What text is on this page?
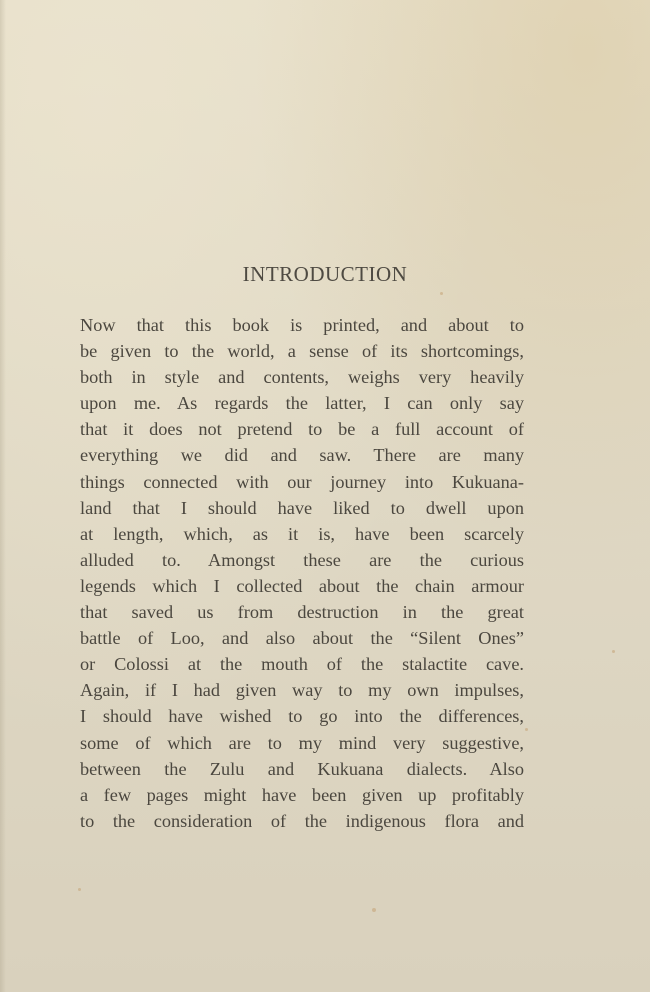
INTRODUCTION
Now that this book is printed, and about to
be given to the world, a sense of its shortcomings,
both in style and contents, weighs very heavily
upon me. As regards the latter, I can only say
that it does not pretend to be a full account of
everything we did and saw. There are many
things connected with our journey into Kukuana-
land that I should have liked to dwell upon
at length, which, as it is, have been scarcely
alluded to. Amongst these are the curious
legends which I collected about the chain armour
that saved us from destruction in the great
battle of Loo, and also about the “Silent Ones”
or Colossi at the mouth of the stalactite cave.
Again, if I had given way to my own impulses,
I should have wished to go into the differences,
some of which are to my mind very suggestive,
between the Zulu and Kukuana dialects. Also
a few pages might have been given up profitably
to the consideration of the indigenous flora and
